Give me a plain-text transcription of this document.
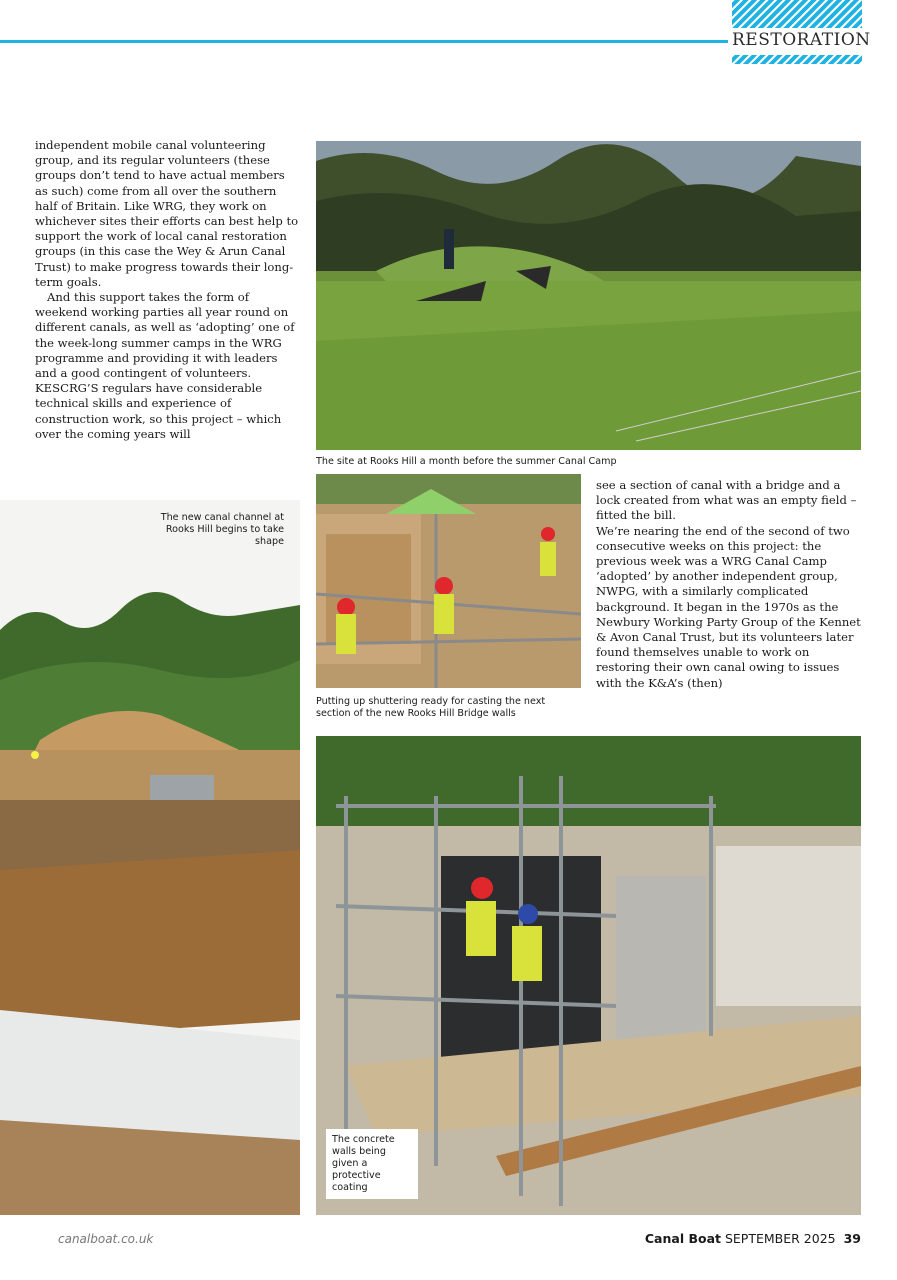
RESTORATION

independent mobile canal volunteering group, and its regular volunteers (these groups don’t tend to have actual members as such) come from all over the southern half of Britain. Like WRG, they work on whichever sites their efforts can best help to support the work of local canal restoration groups (in this case the Wey & Arun Canal Trust) to make progress towards their long-term goals.

And this support takes the form of weekend working parties all year round on different canals, as well as ‘adopting’ one of the week-long summer camps in the WRG programme and providing it with leaders and a good contingent of volunteers. KESCRG’S regulars have considerable technical skills and experience of construction work, so this project – which over the coming years will

The site at Rooks Hill a month before the summer Canal Camp
Putting up shuttering ready for casting the next section of the new Rooks Hill Bridge walls

see a section of canal with a bridge and a lock created from what was an empty field – fitted the bill.

We’re nearing the end of the second of two consecutive weeks on this project: the previous week was a WRG Canal Camp ‘adopted’ by another independent group, NWPG, with a similarly complicated background. It began in the 1970s as the Newbury Working Party Group of the Kennet & Avon Canal Trust, but its volunteers later found themselves unable to work on restoring their own canal owing to issues with the K&A’s (then)

The new canal channel at Rooks Hill begins to take shape
The concrete walls being given a protective coating
canalboat.co.uk	Canal Boat SEPTEMBER 2025 39
